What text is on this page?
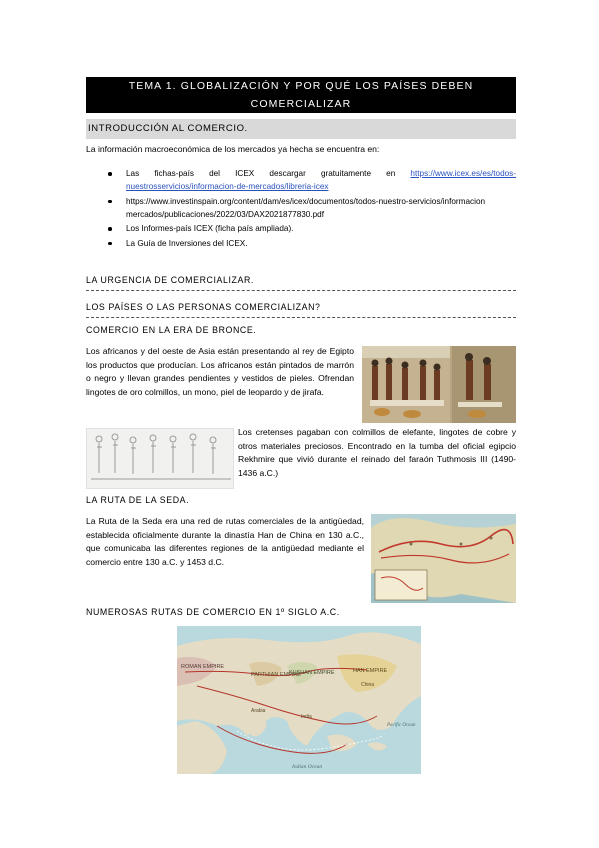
TEMA 1. GLOBALIZACIÓN Y POR QUÉ LOS PAÍSES DEBEN COMERCIALIZAR
INTRODUCCIÓN AL COMERCIO.
La información macroeconómica de los mercados ya hecha se encuentra en:
Las fichas-país del ICEX descargar gratuitamente en https://www.icex.es/es/todos-nuestrosservicios/informacion-de-mercados/libreria-icex
https://www.investinspain.org/content/dam/es/icex/documentos/todos-nuestro-servicios/informacion mercados/publicaciones/2022/03/DAX2021877830.pdf
Los Informes-país ICEX (ficha país ampliada).
La Guía de Inversiones del ICEX.
LA URGENCIA DE COMERCIALIZAR.
LOS PAÍSES O LAS PERSONAS COMERCIALIZAN?
COMERCIO EN LA ERA DE BRONCE.
Los africanos y del oeste de Asia están presentando al rey de Egipto los productos que producían. Los africanos están pintados de marrón o negro y llevan grandes pendientes y vestidos de pieles. Ofrendan lingotes de oro colmillos, un mono, piel de leopardo y de jirafa.
Los cretenses pagaban con colmillos de elefante, lingotes de cobre y otros materiales preciosos. Encontrado en la tumba del oficial egipcio Rekhmire que vivió durante el reinado del faraón Tuthmosis III (1490-1436 a.C.)
LA RUTA DE LA SEDA.
La Ruta de la Seda era una red de rutas comerciales de la antigüedad, establecida oficialmente durante la dinastía Han de China en 130 a.C., que comunicaba las diferentes regiones de la antigüedad mediante el comercio entre 130 a.C. y 1453 d.C.
NUMEROSAS RUTAS DE COMERCIO EN 1º SIGLO A.C.
ROMAN EMPIRE
PARTHIAN EMPIRE
KUSHAN EMPIRE	HAN EMPIRE
Arabia
India
China
Indian Ocean
Pacific Ocean
